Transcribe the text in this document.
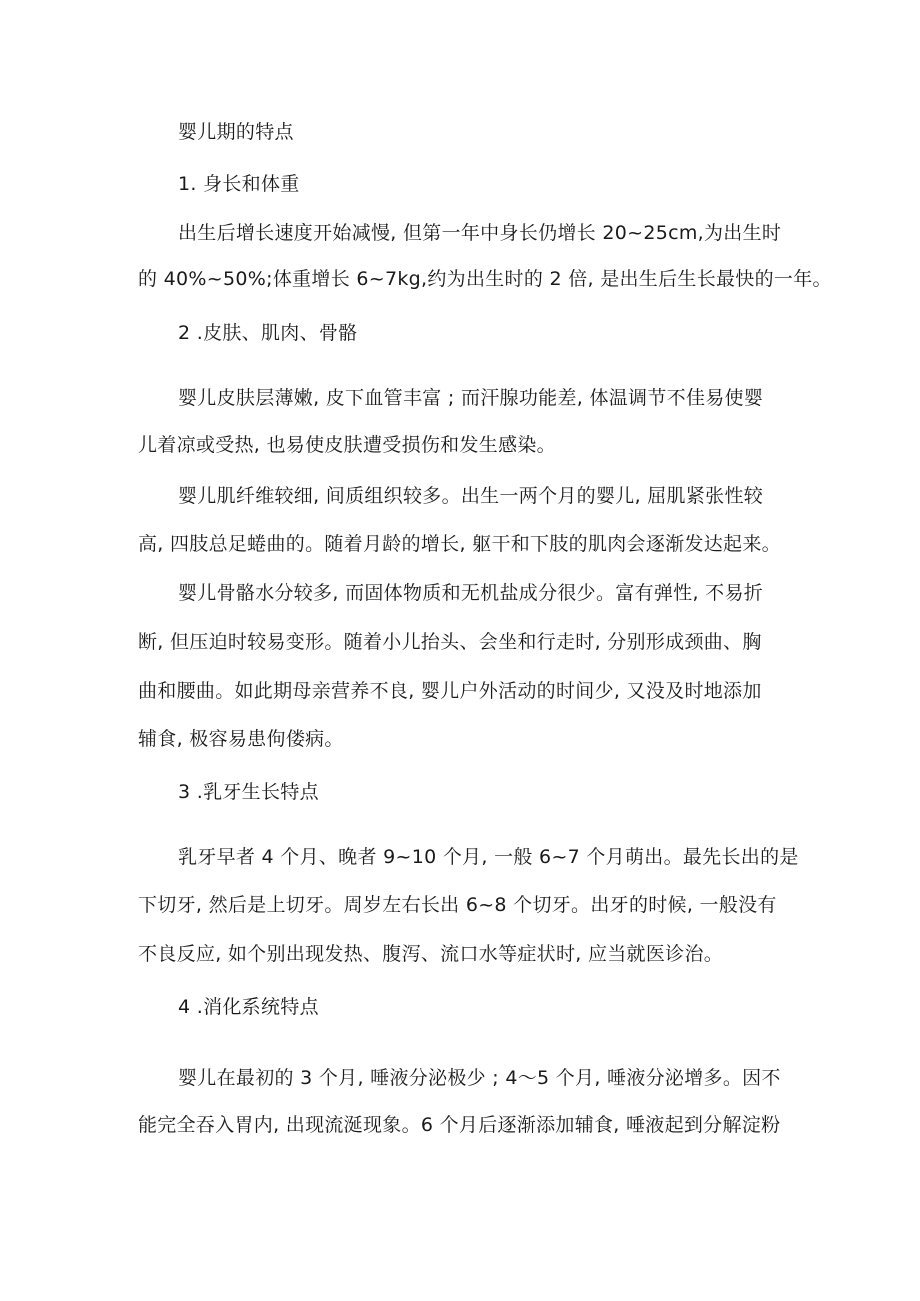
婴儿期的特点
1. 身长和体重
出生后增长速度开始减慢, 但第一年中身长仍增长 20~25cm,为出生时
的 40%~50%;体重增长 6~7kg,约为出生时的 2 倍, 是出生后生长最快的一年。
2 .皮肤、肌肉、骨骼
婴儿皮肤层薄嫩, 皮下血管丰富 ; 而汗腺功能差, 体温调节不佳易使婴
儿着凉或受热, 也易使皮肤遭受损伤和发生感染。
婴儿肌纤维较细, 间质组织较多。出生一两个月的婴儿, 屈肌紧张性较
高, 四肢总足蜷曲的。随着月龄的增长, 躯干和下肢的肌肉会逐渐发达起来。
婴儿骨骼水分较多, 而固体物质和无机盐成分很少。富有弹性, 不易折
断, 但压迫时较易变形。随着小儿抬头、会坐和行走时, 分别形成颈曲、胸
曲和腰曲。如此期母亲营养不良, 婴儿户外活动的时间少, 又没及时地添加
辅食, 极容易患佝偻病。
3 .乳牙生长特点
乳牙早者 4 个月、晚者 9~10 个月, 一般 6~7 个月萌出。最先长出的是
下切牙, 然后是上切牙。周岁左右长出 6~8 个切牙。出牙的时候, 一般没有
不良反应, 如个别出现发热、腹泻、流口水等症状时, 应当就医诊治。
4 .消化系统特点
婴儿在最初的 3 个月, 唾液分泌极少 ; 4～5 个月, 唾液分泌增多。因不
能完全吞入胃内, 出现流涎现象。6 个月后逐渐添加辅食, 唾液起到分解淀粉
